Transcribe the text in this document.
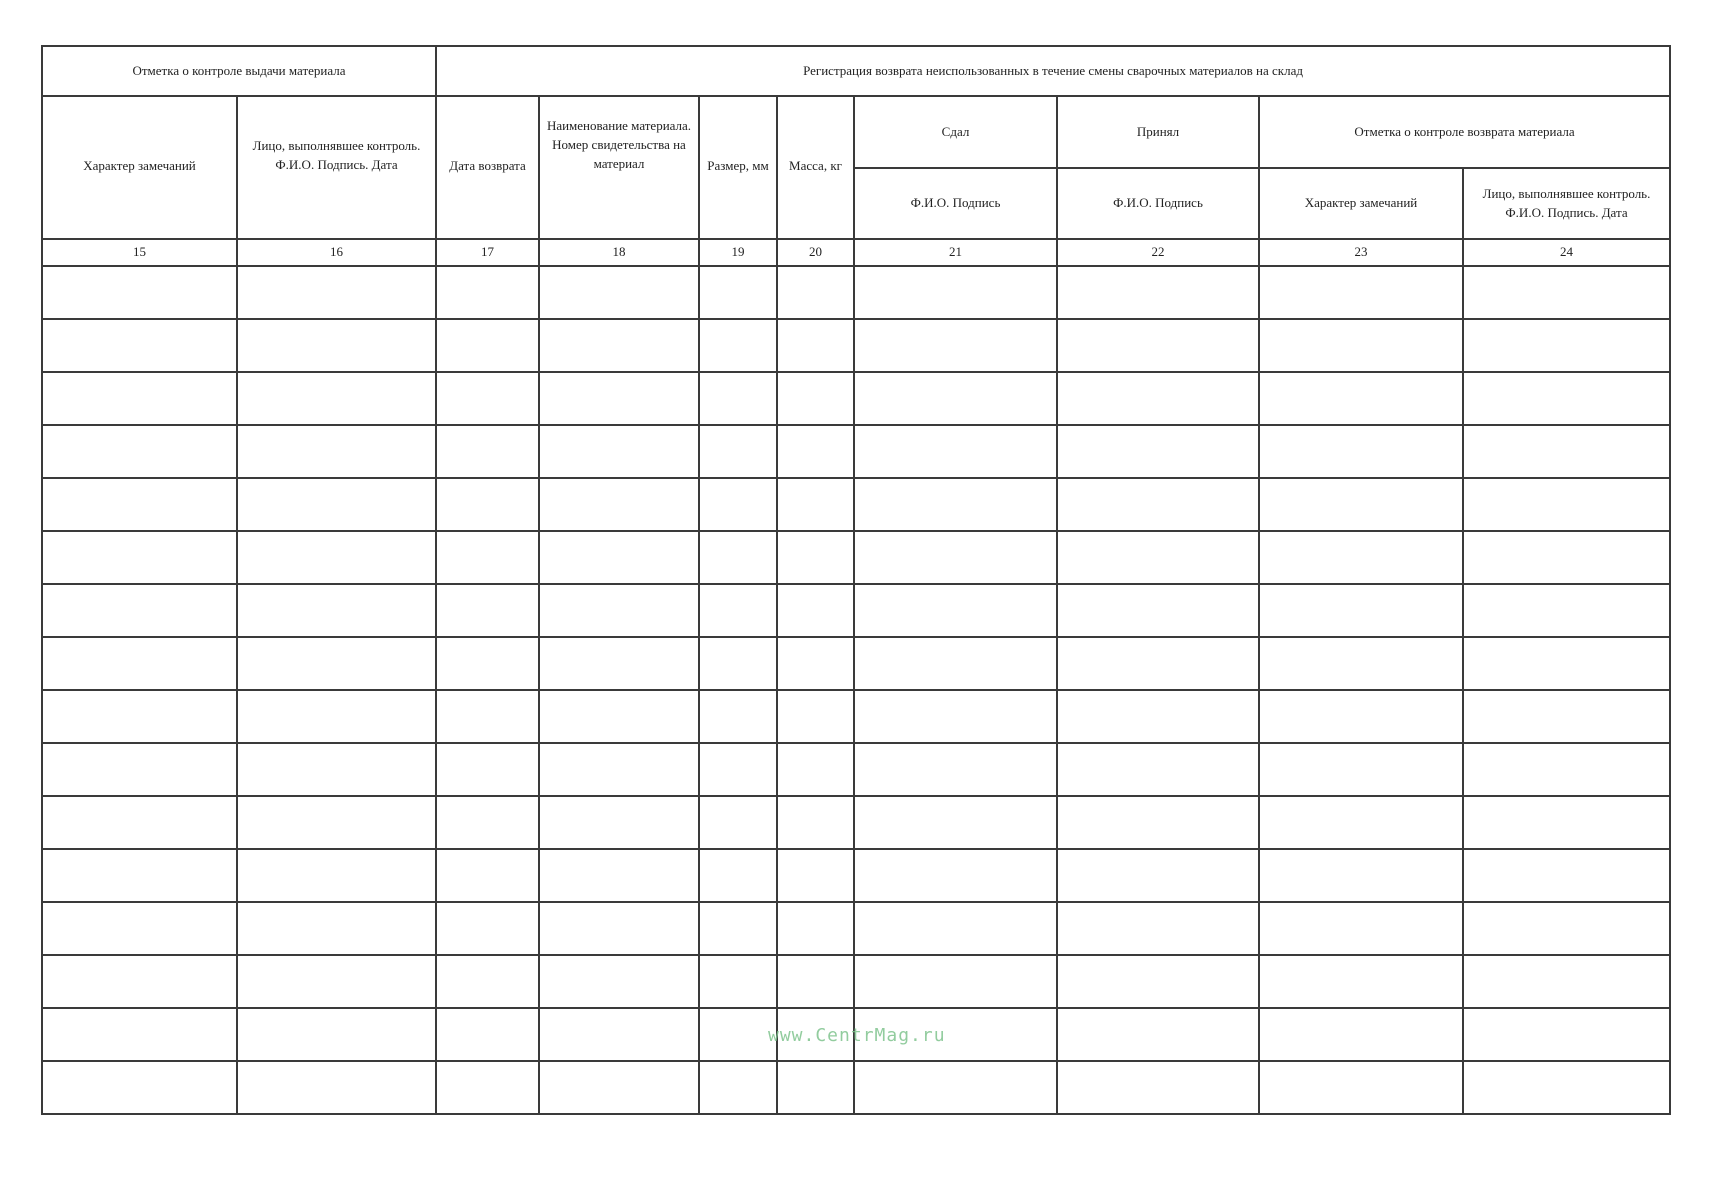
Отметка о контроле выдачи материала		Регистрация возврата неиспользованных в течение смены сварочных материалов на склад							
Характер замечаний	Лицо, выполнявшее контроль. Ф.И.О. Подпись. Дата	Дата возврата	Наименование материала. Номер свидетельства на материал	Размер, мм	Масса, кг	Сдал	Принял	Отметка о контроле возврата материала	
						Ф.И.О. Подпись	Ф.И.О. Подпись	Характер замечаний	Лицо, выполнявшее контроль. Ф.И.О. Подпись. Дата
15	16	17	18	19	20	21	22	23	24

www.CentrMag.ru
